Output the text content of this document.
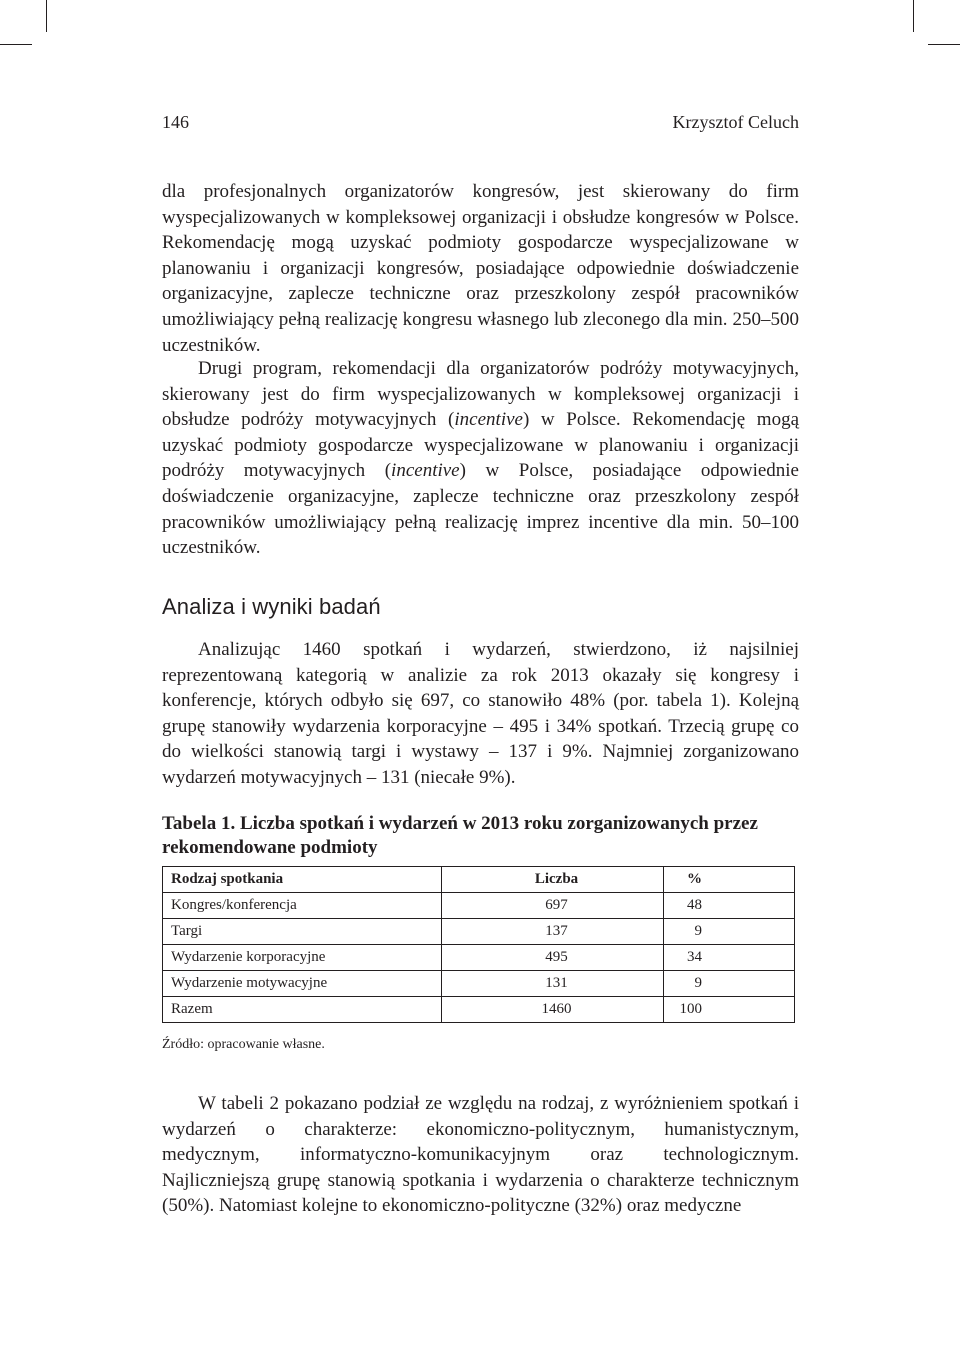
146	Krzysztof Celuch

dla profesjonalnych organizatorów kongresów, jest skierowany do firm wyspecjalizowanych w kompleksowej organizacji i obsłudze kongresów w Polsce. Rekomendację mogą uzyskać podmioty gospodarcze wyspecjalizowane w planowaniu i organizacji kongresów, posiadające odpowiednie doświadczenie organizacyjne, zaplecze techniczne oraz przeszkolony zespół pracowników umożliwiający pełną realizację kongresu własnego lub zleconego dla min. 250–500 uczestników.

Drugi program, rekomendacji dla organizatorów podróży motywacyjnych, skierowany jest do firm wyspecjalizowanych w kompleksowej organizacji i obsłudze podróży motywacyjnych (incentive) w Polsce. Rekomendację mogą uzyskać podmioty gospodarcze wyspecjalizowane w planowaniu i organizacji podróży motywacyjnych (incentive) w Polsce, posiadające odpowiednie doświadczenie organizacyjne, zaplecze techniczne oraz przeszkolony zespół pracowników umożliwiający pełną realizację imprez incentive dla min. 50–100 uczestników.

Analiza i wyniki badań

Analizując 1460 spotkań i wydarzeń, stwierdzono, iż najsilniej reprezentowaną kategorią w analizie za rok 2013 okazały się kongresy i konferencje, których odbyło się 697, co stanowiło 48% (por. tabela 1). Kolejną grupę stanowiły wydarzenia korporacyjne – 495 i 34% spotkań. Trzecią grupę co do wielkości stanowią targi i wystawy – 137 i 9%. Najmniej zorganizowano wydarzeń motywacyjnych – 131 (niecałe 9%).

Tabela 1. Liczba spotkań i wydarzeń w 2013 roku zorganizowanych przez rekomendowane podmioty

Rodzaj spotkania	Liczba	%
Kongres/konferencja	697	48
Targi	137	9
Wydarzenie korporacyjne	495	34
Wydarzenie motywacyjne	131	9
Razem	1460	100
Źródło: opracowanie własne.

W tabeli 2 pokazano podział ze względu na rodzaj, z wyróżnieniem spotkań i wydarzeń o charakterze: ekonomiczno-politycznym, humanistycznym, medycznym, informatyczno-komunikacyjnym oraz technologicznym. Najliczniejszą grupę stanowią spotkania i wydarzenia o charakterze technicznym (50%). Natomiast kolejne to ekonomiczno-polityczne (32%) oraz medyczne
